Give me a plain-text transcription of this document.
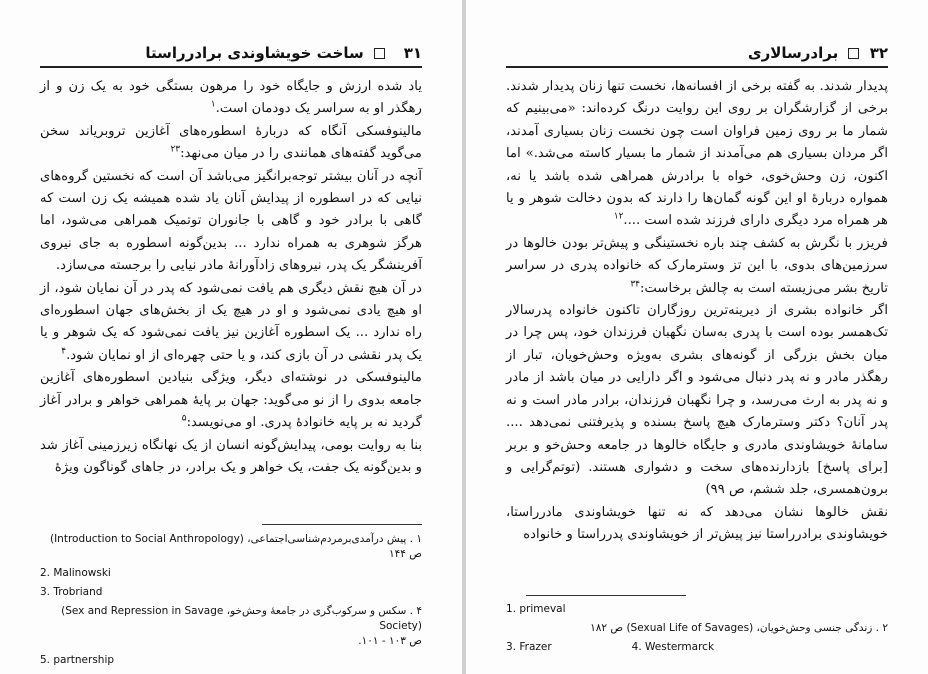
۳۱
ساخت خویشاوندی برادرراستا

یاد شده ارزش و جایگاه خود را مرهون بستگی خود به یک زن و از رهگذر او به سراسر یک دودمان است.$^۱$

مالینوفسکی آنگاه که دربارهٔ اسطوره‌های آغازین تروبریاند سخن می‌گوید گفته‌های همانندی را در میان می‌نهد:$^{۲۳}$

آنچه در آنان بیشتر توجه‌برانگیز می‌باشد آن است که نخستین گروه‌های نیایی که در اسطوره از پیدایش آنان یاد شده همیشه یک زن است که گاهی با برادر خود و گاهی با جانوران توتمیک همراهی می‌شود، اما هرگز شوهری به همراه ندارد ... بدین‌گونه اسطوره به جای نیروی آفرینشگر یک پدر، نیروهای زادآورانهٔ مادر نیایی را برجسته می‌سازد.

در آن هیچ نقش دیگری هم یافت نمی‌شود که پدر در آن نمایان شود، از او هیچ یادی نمی‌شود و او در هیچ یک از بخش‌های جهان اسطوره‌ای راه ندارد ... یک اسطوره آغازین نیز یافت نمی‌شود که یک شوهر و یا یک پدر نقشی در آن بازی کند، و یا حتی چهره‌ای از او نمایان شود.$^۴$

مالینوفسکی در نوشته‌ای دیگر، ویژگی بنیادین اسطوره‌های آغازین جامعه بدوی را از نو می‌گوید: جهان بر پایهٔ همراهی خواهر و برادر آغاز گردید نه بر پایه خانوادهٔ پدری. او می‌نویسد:$^۵$

بنا به روایت بومی، پیدایش‌گونه انسان از یک نهانگاه زیرزمینی آغاز شد و بدین‌گونه یک جفت، یک خواهر و یک برادر، در جاهای گوناگون ویژهٔ

۱ . پیش درآمدی‌برمردم‌شناسی‌اجتماعی، (Introduction to Social Anthropology)
ص ۱۴۴
2. Malinowski
3. Trobriand
۴ . سکس و سرکوب‌گری در جامعهٔ وحش‌خو، (Sex and Repression in Savage Society)
ص ۱۰۳ - ۱۰۱.
5. partnership
۳۲  برادرسالاری

پدیدار شدند. به گفته برخی از افسانه‌ها، نخست تنها زنان پدیدار شدند. برخی از گزارشگران بر روی این روایت درنگ کرده‌اند: «می‌بینیم که شمار ما بر روی زمین فراوان است چون نخست زنان بسیاری آمدند، اگر مردان بسیاری هم می‌آمدند از شمار ما بسیار کاسته می‌شد.» اما اکنون، زن وحش‌خوی، خواه با برادرش همراهی شده باشد یا نه، همواره دربارهٔ او این گونه گمان‌ها را دارند که بدون دخالت شوهر و یا هر همراه مرد دیگری دارای فرزند شده است ....$^{۱۲}$

فریزر با نگرش به کشف چند باره نخستینگی و پیش‌تر بودن خالوها در سرزمین‌های بدوی، با این تز وسترمارک که خانواده پدری در سراسر تاریخ بشر می‌زیسته است به چالش برخاست:$^{۳۴}$

اگر خانواده بشری از دیرینه‌ترین روزگاران تاکنون خانواده پدرسالار تک‌همسر بوده است با پدری به‌سان نگهبان فرزندان خود، پس چرا در میان بخش بزرگی از گونه‌های بشری به‌ویژه وحش‌خویان، تبار از رهگذر مادر و نه پدر دنبال می‌شود و اگر دارایی در میان باشد از مادر و نه پدر به ارث می‌رسد، و چرا نگهبان فرزندان، برادر مادر است و نه پدر آنان؟ دکتر وسترمارک هیچ پاسخ بسنده و پذیرفتنی نمی‌دهد .... سامانهٔ خویشاوندی مادری و جایگاه خالوها در جامعه وحش‌خو و بربر [برای پاسخ] بازدارنده‌های سخت و دشواری هستند. (توتم‌گرایی و برون‌همسری، جلد ششم، ص ۹۹)

نقش خالوها نشان می‌دهد که نه تنها خویشاوندی مادرراستا، خویشاوندی برادرراستا نیز پیش‌تر از خویشاوندی پدرراستا و خانواده

1. primeval
۲ . زندگی جنسی وحش‌خویان، (Sexual Life of Savages) ص ۱۸۲
3. Frazer	4. Westermarck
